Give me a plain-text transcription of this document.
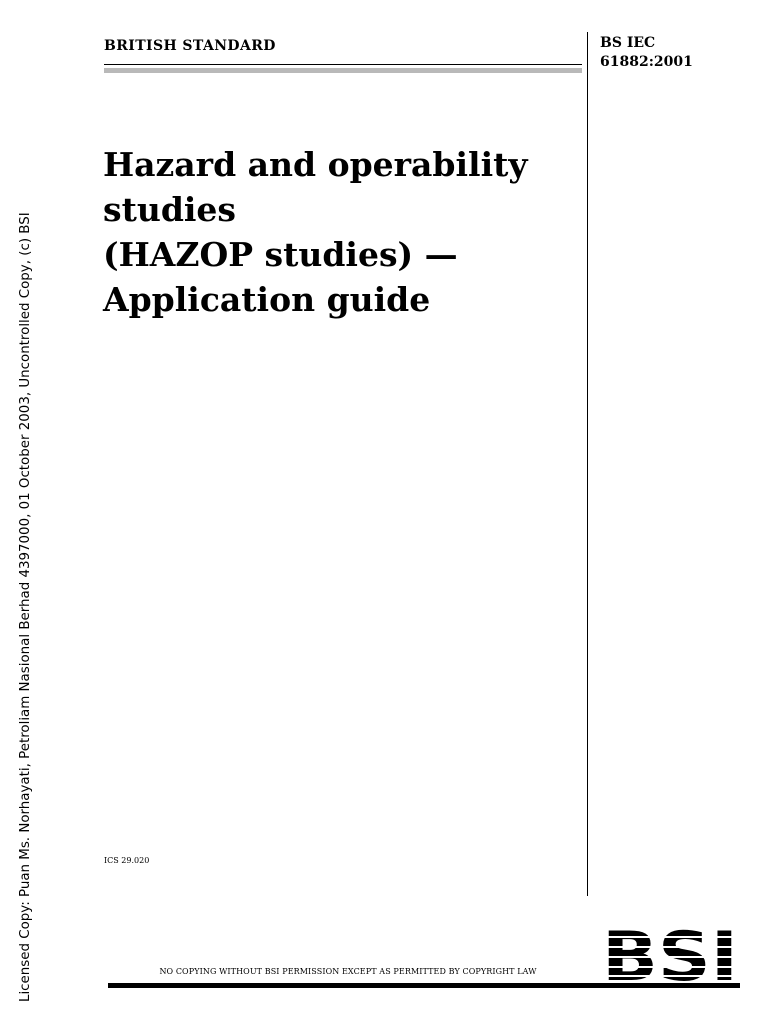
BRITISH STANDARD	BS IEC
61882:2001
Hazard and operability
studies
(HAZOP studies) —
Application guide
ICS 29.020
Licensed Copy: Puan Ms. Norhayati, Petroliam Nasional Berhad 4397000, 01 October 2003, Uncontrolled Copy, (c) BSI	NO COPYING WITHOUT BSI PERMISSION EXCEPT AS PERMITTED BY COPYRIGHT LAW
